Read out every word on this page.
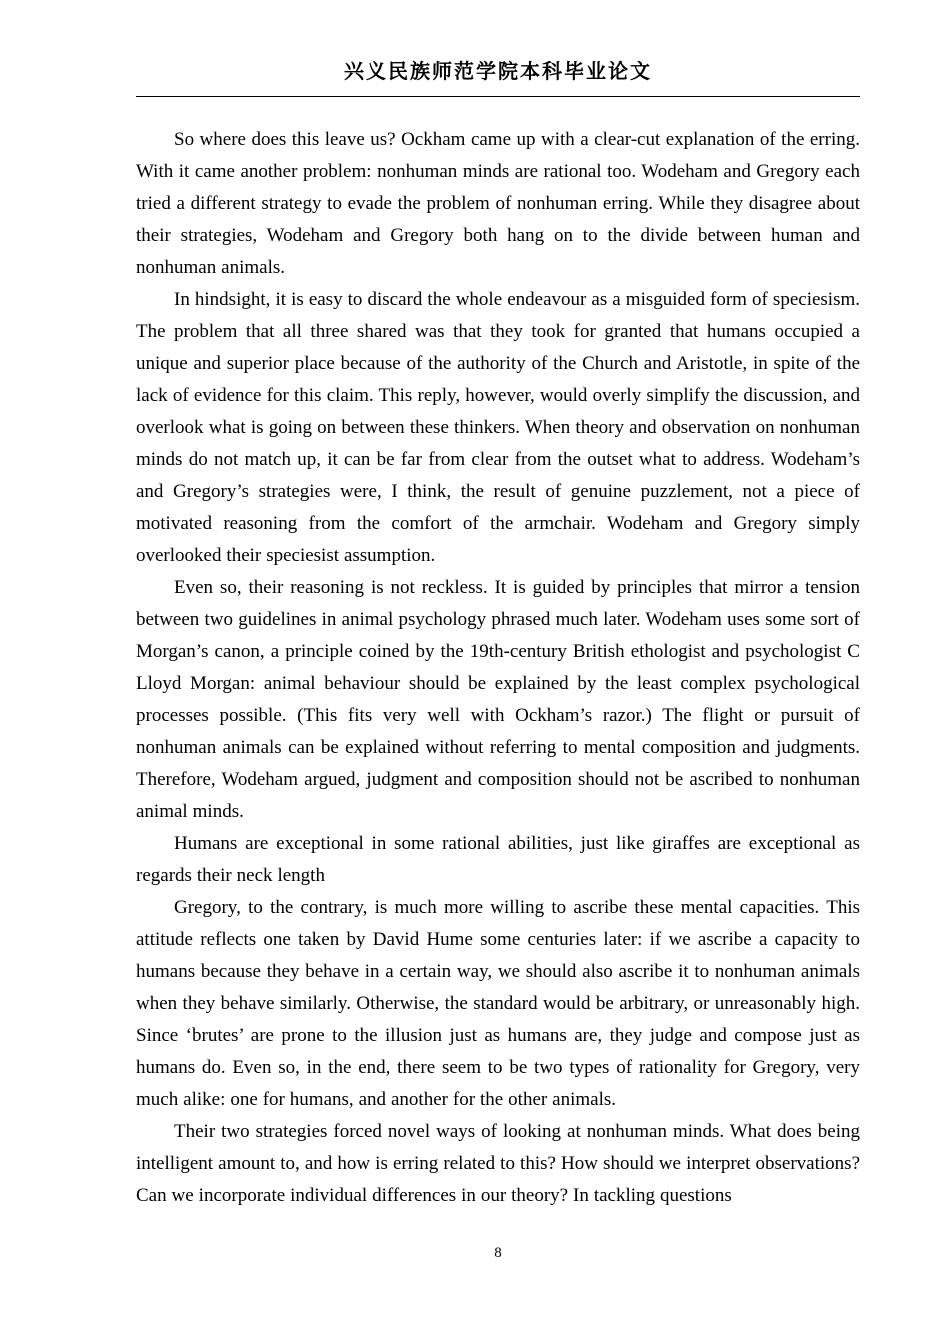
兴义民族师范学院本科毕业论文

So where does this leave us? Ockham came up with a clear-cut explanation of the erring. With it came another problem: nonhuman minds are rational too. Wodeham and Gregory each tried a different strategy to evade the problem of nonhuman erring. While they disagree about their strategies, Wodeham and Gregory both hang on to the divide between human and nonhuman animals.

In hindsight, it is easy to discard the whole endeavour as a misguided form of speciesism. The problem that all three shared was that they took for granted that humans occupied a unique and superior place because of the authority of the Church and Aristotle, in spite of the lack of evidence for this claim. This reply, however, would overly simplify the discussion, and overlook what is going on between these thinkers. When theory and observation on nonhuman minds do not match up, it can be far from clear from the outset what to address. Wodeham’s and Gregory’s strategies were, I think, the result of genuine puzzlement, not a piece of motivated reasoning from the comfort of the armchair. Wodeham and Gregory simply overlooked their speciesist assumption.

Even so, their reasoning is not reckless. It is guided by principles that mirror a tension between two guidelines in animal psychology phrased much later. Wodeham uses some sort of Morgan’s canon, a principle coined by the 19th-century British ethologist and psychologist C Lloyd Morgan: animal behaviour should be explained by the least complex psychological processes possible. (This fits very well with Ockham’s razor.) The flight or pursuit of nonhuman animals can be explained without referring to mental composition and judgments. Therefore, Wodeham argued, judgment and composition should not be ascribed to nonhuman animal minds.

Humans are exceptional in some rational abilities, just like giraffes are exceptional as regards their neck length

Gregory, to the contrary, is much more willing to ascribe these mental capacities. This attitude reflects one taken by David Hume some centuries later: if we ascribe a capacity to humans because they behave in a certain way, we should also ascribe it to nonhuman animals when they behave similarly. Otherwise, the standard would be arbitrary, or unreasonably high. Since ‘brutes’ are prone to the illusion just as humans are, they judge and compose just as humans do. Even so, in the end, there seem to be two types of rationality for Gregory, very much alike: one for humans, and another for the other animals.

Their two strategies forced novel ways of looking at nonhuman minds. What does being intelligent amount to, and how is erring related to this? How should we interpret observations? Can we incorporate individual differences in our theory? In tackling questions

8
